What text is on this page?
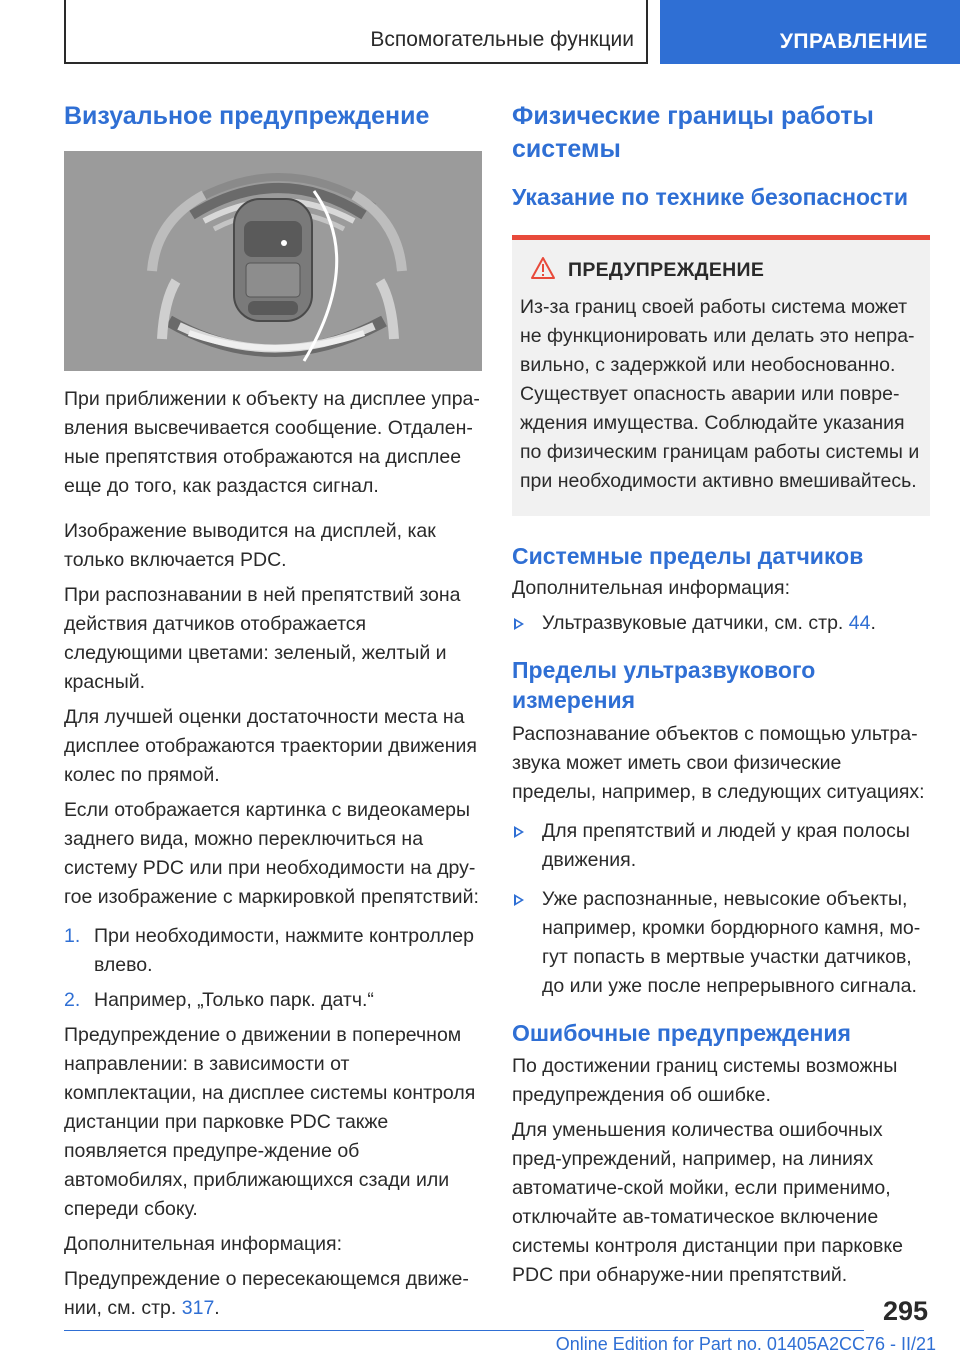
Вспомогательные функции	УПРАВЛЕНИЕ
Визуальное предупреждение

При приближении к объекту на дисплее упра-вления высвечивается сообщение. Отдален-ные препятствия отображаются на дисплее еще до того, как раздастся сигнал.

Изображение выводится на дисплей, как только включается PDC.

При распознавании в ней препятствий зона действия датчиков отображается следующими цветами: зеленый, желтый и красный.

Для лучшей оценки достаточности места на дисплее отображаются траектории движения колес по прямой.

Если отображается картинка с видеокамеры заднего вида, можно переключиться на систему PDC или при необходимости на дру-гое изображение с маркировкой препятствий:

1. При необходимости, нажмите контроллер влево.
2. Например, „Только парк. датч.“

Предупреждение о движении в поперечном направлении: в зависимости от комплектации, на дисплее системы контроля дистанции при парковке PDC также появляется предупре-ждение об автомобилях, приближающихся сзади или спереди сбоку.

Дополнительная информация:

Предупреждение о пересекающемся движе-нии, см. стр. 317.

Физические границы работы системы
Указание по технике безопасности
ПРЕДУПРЕЖДЕНИЕ

Из-за границ своей работы система может не функционировать или делать это непра-вильно, с задержкой или необоснованно. Существует опасность аварии или повре-ждения имущества. Соблюдайте указания по физическим границам работы системы и при необходимости активно вмешивайтесь.

Системные пределы датчиков

Дополнительная информация:

Ультразвуковые датчики, см. стр. 44.
Пределы ультразвукового измерения

Распознавание объектов с помощью ультра-звука может иметь свои физические пределы, например, в следующих ситуациях:

Для препятствий и людей у края полосы движения.
Уже распознанные, невысокие объекты, например, кромки бордюрного камня, мо-гут попасть в мертвые участки датчиков, до или уже после непрерывного сигнала.
Ошибочные предупреждения

По достижении границ системы возможны предупреждения об ошибке.

Для уменьшения количества ошибочных пред-упреждений, например, на линиях автоматиче-ской мойки, если применимо, отключайте ав-томатическое включение системы контроля дистанции при парковке PDC при обнаруже-нии препятствий.

295
Online Edition for Part no. 01405A2CC76 - II/21
